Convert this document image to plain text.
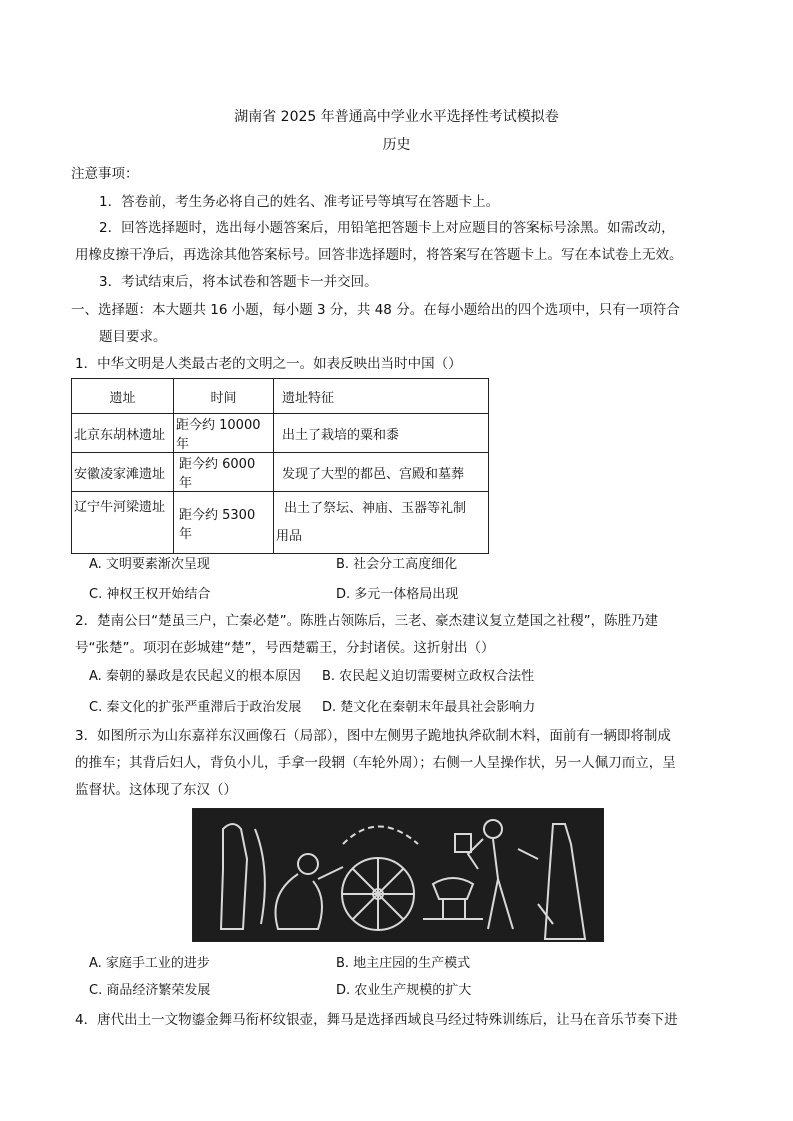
湖南省 2025 年普通高中学业水平选择性考试模拟卷
历史
注意事项：
1．答卷前，考生务必将自己的姓名、准考证号等填写在答题卡上。
2．回答选择题时，选出每小题答案后，用铅笔把答题卡上对应题目的答案标号涂黑。如需改动，
用橡皮擦干净后，再选涂其他答案标号。回答非选择题时，将答案写在答题卡上。写在本试卷上无效。
3．考试结束后，将本试卷和答题卡一并交回。
一、选择题：本大题共 16 小题，每小题 3 分，共 48 分。在每小题给出的四个选项中，只有一项符合
题目要求。
1．中华文明是人类最古老的文明之一。如表反映出当时中国（）
遗址	时间	遗址特征
北京东胡林遗址	距今约 10000 年	出土了栽培的粟和黍
安徽凌家滩遗址	距今约 6000 年	发现了大型的都邑、宫殿和墓葬
辽宁牛河梁遗址	距今约 5300 年	出土了祭坛、神庙、玉器等礼制
用品
A. 文明要素渐次呈现	B. 社会分工高度细化
C. 神权王权开始结合	D. 多元一体格局出现
2．楚南公曰“楚虽三户，亡秦必楚”。陈胜占领陈后，三老、豪杰建议复立楚国之社稷”，陈胜乃建
号“张楚”。项羽在彭城建“楚”，号西楚霸王，分封诸侯。这折射出（）
A. 秦朝的暴政是农民起义的根本原因 B. 农民起义迫切需要树立政权合法性
C. 秦文化的扩张严重滞后于政治发展 D. 楚文化在秦朝末年最具社会影响力
3．如图所示为山东嘉祥东汉画像石（局部），图中左侧男子跪地执斧砍制木料，面前有一辆即将制成
的推车；其背后妇人，背负小儿，手拿一段辋（车轮外周）；右侧一人呈操作状，另一人佩刀而立，呈
监督状。这体现了东汉（）
A. 家庭手工业的进步	B. 地主庄园的生产模式
C. 商品经济繁荣发展	D. 农业生产规模的扩大
4．唐代出土一文物鎏金舞马衔杯纹银壶，舞马是选择西域良马经过特殊训练后，让马在音乐节奏下进
